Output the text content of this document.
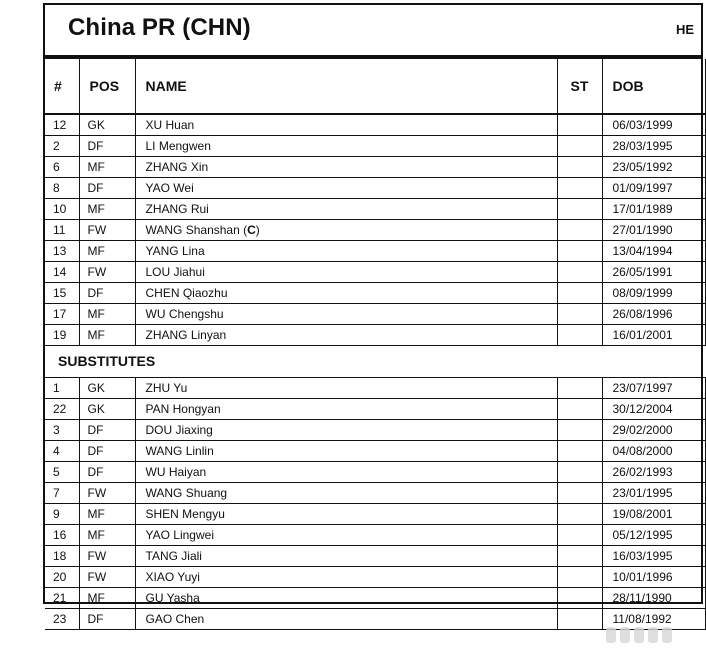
China PR (CHN)	HE
#	POS	NAME	ST	DOB
12	GK	XU Huan		06/03/1999
2	DF	LI Mengwen		28/03/1995
6	MF	ZHANG Xin		23/05/1992
8	DF	YAO Wei		01/09/1997
10	MF	ZHANG Rui		17/01/1989
11	FW	WANG Shanshan (C)		27/01/1990
13	MF	YANG Lina		13/04/1994
14	FW	LOU Jiahui		26/05/1991
15	DF	CHEN Qiaozhu		08/09/1999
17	MF	WU Chengshu		26/08/1996
19	MF	ZHANG Linyan		16/01/2001
SUBSTITUTES				
1	GK	ZHU Yu		23/07/1997
22	GK	PAN Hongyan		30/12/2004
3	DF	DOU Jiaxing		29/02/2000
4	DF	WANG Linlin		04/08/2000
5	DF	WU Haiyan		26/02/1993
7	FW	WANG Shuang		23/01/1995
9	MF	SHEN Mengyu		19/08/2001
16	MF	YAO Lingwei		05/12/1995
18	FW	TANG Jiali		16/03/1995
20	FW	XIAO Yuyi		10/01/1996
21	MF	GU Yasha		28/11/1990
23	DF	GAO Chen		11/08/1992
